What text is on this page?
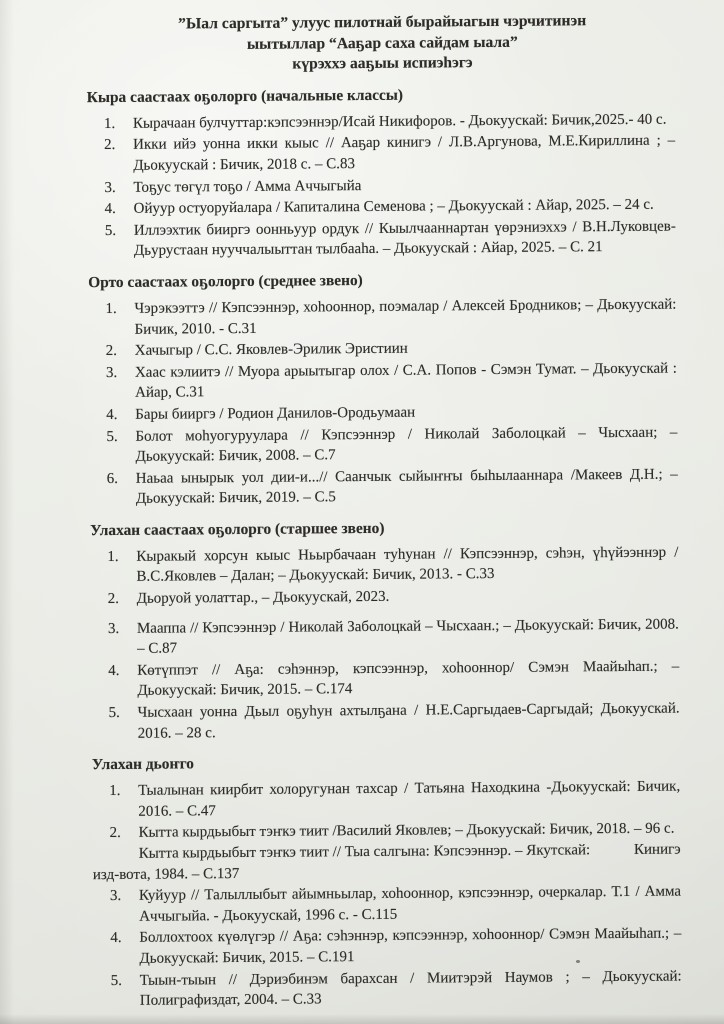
”Ыал саргыта” улуус пилотнай бырайыагын чэрчитинэн
ыытыллар “Ааҕар саха сайдам ыала”
күрэххэ ааҕыы испиэһэгэ
Кыра саастаах оҕолорго (начальные классы)
Кырачаан булчуттар:кэпсээннэр/Исай Никифоров. - Дьокуускай: Бичик,2025.- 40 с.
Икки ийэ уонна икки кыыс // Ааҕар кинигэ / Л.В.Аргунова, М.Е.Кириллина ; – Дьокуускай : Бичик, 2018 с. – С.83
Тоҕус төгүл тоҕо / Амма Аччыгыйа
Ойуур остуоруйалара / Капиталина Семенова ; – Дьокуускай : Айар, 2025. – 24 с.
Иллээхтик бииргэ оонньуур ордук // Кыылчааннартан үөрэниэххэ / В.Н.Луковцев-Дьурустаан нууччалыыттан тылбааһа. – Дьокуускай : Айар, 2025. – С. 21
Орто саастаах оҕолорго (среднее звено)
Чэрэкээттэ // Кэпсээннэр, хоһооннор, поэмалар / Алексей Бродников; – Дьокуускай: Бичик, 2010. - С.31
Хачыгыр / С.С. Яковлев-Эрилик Эристиин
Хаас кэлиитэ // Муора арыытыгар олох / С.А. Попов - Сэмэн Тумат. – Дьокуускай : Айар, С.31
Бары бииргэ / Родион Данилов-Ородьумаан
Болот моһуогуруулара // Кэпсээннэр / Николай Заболоцкай – Чысхаан; – Дьокуускай: Бичик, 2008. – С.7
Наьаа ынырык уол дии-и...// Саанчык сыйыҥҥы быһылааннара /Макеев Д.Н.; – Дьокуускай: Бичик, 2019. – С.5
Улахан саастаах оҕолорго (старшее звено)
Кыракый хорсун кыыс Ньырбачаан туһунан // Кэпсээннэр, сэһэн, үһүйээннэр / В.С.Яковлев – Далан; – Дьокуускай: Бичик, 2013. - С.33
Дьоруой уолаттар., – Дьокуускай, 2023.
Мааппа // Кэпсээннэр / Николай Заболоцкай – Чысхаан.; – Дьокуускай: Бичик, 2008. – С.87
Көтүппэт // Аҕа: сэһэннэр, кэпсээннэр, хоһооннор/ Сэмэн Маайыһап.; – Дьокуускай: Бичик, 2015. – С.174
Чысхаан уонна Дьыл оҕуһун ахтылҕана / Н.Е.Саргыдаев-Саргыдай; Дьокуускай. 2016. – 28 с.
Улахан дьоҥго
Тыалынан киирбит холоругунан тахсар / Татьяна Находкина -Дьокуускай: Бичик, 2016. – С.47
Кытта кырдьыбыт тэҥкэ тиит /Василий Яковлев; – Дьокуускай: Бичик, 2018. – 96 с.
Кытта кырдьыбыт тэҥкэ тиит // Тыа салгына: Кэпсээннэр. – Якутскай:	Кинигэ
изд-вота, 1984. – С.137
Куйуур // Талыллыбыт айымньылар, хоһооннор, кэпсээннэр, очеркалар. Т.1 / Амма Аччыгыйа. - Дьокуускай, 1996 с. - С.115
Боллохтоох күөлүгэр // Аҕа: сэһэннэр, кэпсээннэр, хоһооннор/ Сэмэн Маайыһап.; – Дьокуускай: Бичик, 2015. – С.191
Тыын-тыын // Дэриэбинэм барахсан / Миитэрэй Наумов ; – Дьокуускай: Полиграфиздат, 2004. – С.33
